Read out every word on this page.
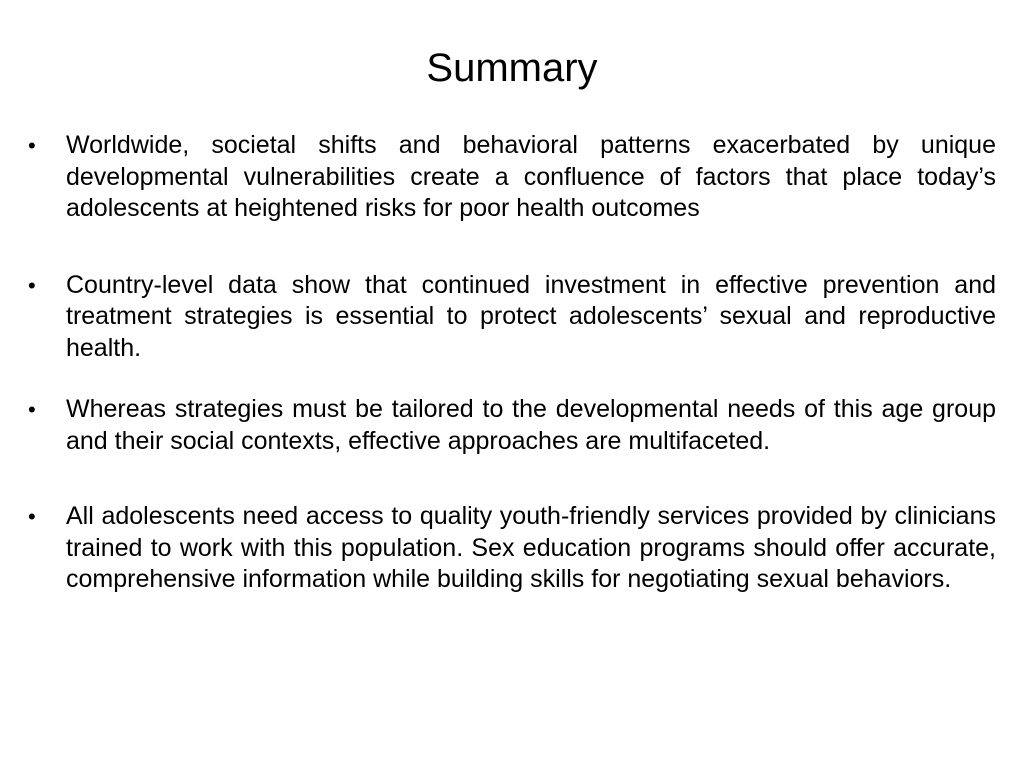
Summary
• Worldwide, societal shifts and behavioral patterns exacerbated by unique developmental vulnerabilities create a confluence of factors that place today’s adolescents at heightened risks for poor health outcomes
• Country-level data show that continued investment in effective prevention and treatment strategies is essential to protect adolescents’ sexual and reproductive health.
• Whereas strategies must be tailored to the developmental needs of this age group and their social contexts, effective approaches are multifaceted.
• All adolescents need access to quality youth-friendly services provided by clinicians trained to work with this population. Sex education programs should offer accurate, comprehensive information while building skills for negotiating sexual behaviors.
